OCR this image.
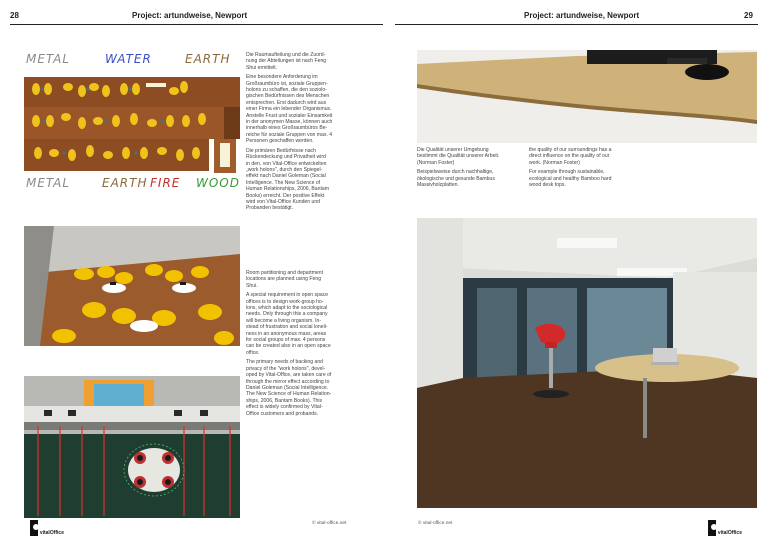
28	Project: artundweise, Newport	Project: artundweise, Newport	29
METAL	WATER	EARTH
METAL	EARTH FIRE WOOD

Die Raumaufteilung und die Zuord-
nung der Abteilungen ist nach Feng
Shui ermittelt.

Eine besondere Anforderung im
Großraumbüro ist, soziale Gruppen-
holons zu schaffen, die den soziolo-
gischen Bedürfnissen des Menschen
entsprechen. Erst dadurch wird aus
einer Firma ein lebender Organismus.
Anstelle Frust und sozialer Einsamkeit
in der anonymen Masse, können auch
innerhalb eines Großraumbüros Be-
reiche für soziale Gruppen von max. 4
Personen geschaffen werden.

Die primären Bedürfnisse nach
Rückendeckung und Privatheit wird
in den, von Vital-Office entwickelten
„work holons", durch den Spiegel-
effekt nach Daniel Goleman (Social
Intelligence. The New Science of
Human Relationships, 2006, Bantam
Books) erreicht. Der positive Effekt
wird von Vital-Office Kunden und
Probanden bestätigt.

Room partitioning and department
locations are planned using Feng
Shui.

A special requirement in open space
offices is to design work-group ho-
lons, which adapt to the sociological
needs. Only through this a company
will become a living organism. In-
stead of frustration and social loneli-
ness in an anonymous mass, areas
for social groups of max. 4 persons
can be created also in an open space
office.

The primary needs of backing and
privacy of the "work holons", devel-
oped by Vital-Office, are taken care of
through the mirror effect according to
Daniel Goleman (Social Intelligence.
The New Science of Human Relation-
ships, 2006, Bantam Books). This
effect is widely confirmed by Vital-
Office customers and probands.

Die Qualität unserer Umgebung
bestimmt die Qualität unserer Arbeit.
(Norman Foster)

Beispielsweise durch nachhaltige,
ökologische und gesunde Bambus
Massivholzplatten.

the quality of our surroundings has a
direct influence on the quality of our
work. (Norman Foster)

For example through sustainable,
ecological and healthy Bamboo hard
wood desk tops.

vitalOffice
© vital-office.net	© vital-office.net
vitalOffice
